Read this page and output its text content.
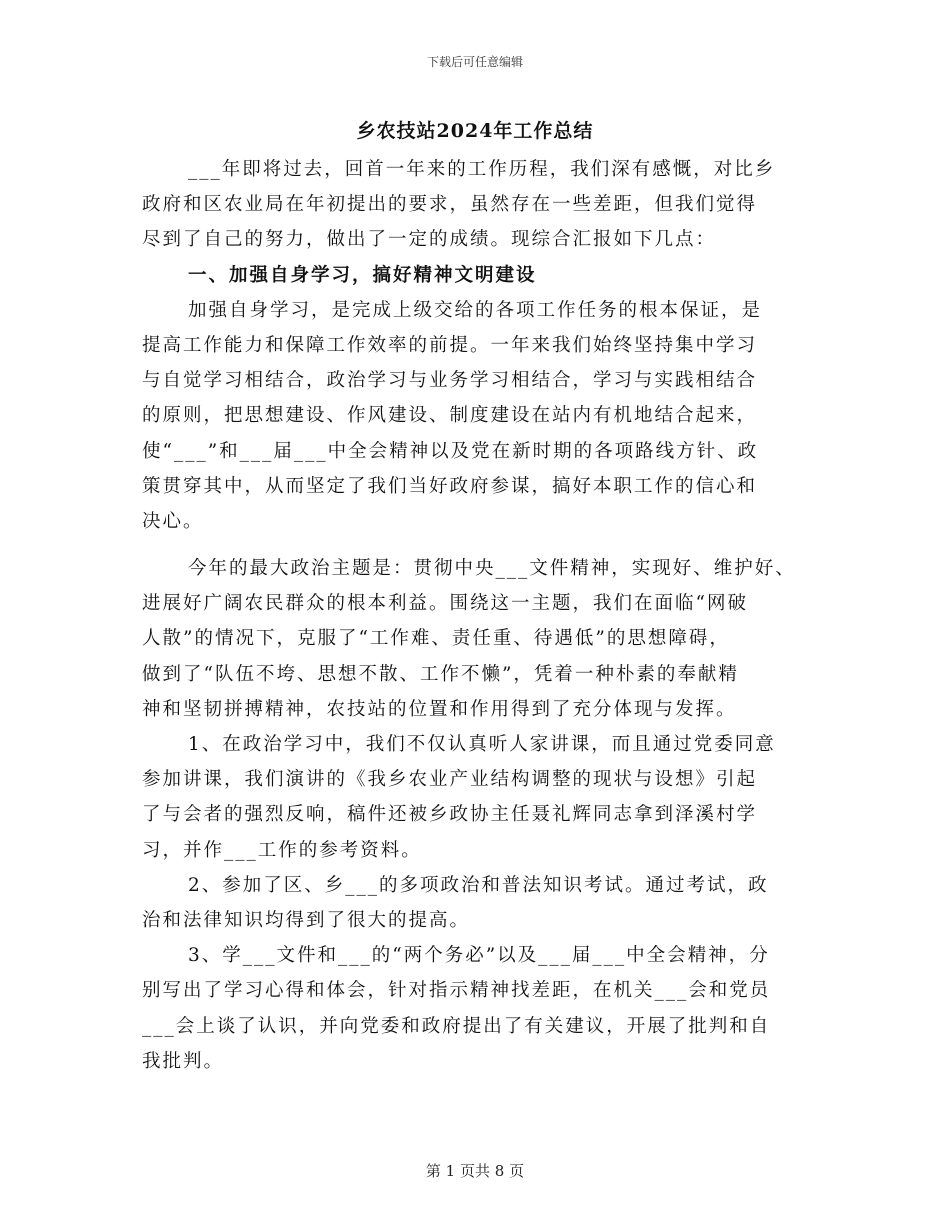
下载后可任意编辑
乡农技站2024年工作总结
___年即将过去，回首一年来的工作历程，我们深有感慨，对比乡
政府和区农业局在年初提出的要求，虽然存在一些差距，但我们觉得
尽到了自己的努力，做出了一定的成绩。现综合汇报如下几点：
一、加强自身学习，搞好精神文明建设
加强自身学习，是完成上级交给的各项工作任务的根本保证，是
提高工作能力和保障工作效率的前提。一年来我们始终坚持集中学习
与自觉学习相结合，政治学习与业务学习相结合，学习与实践相结合
的原则，把思想建设、作风建设、制度建设在站内有机地结合起来，
使“___”和___届___中全会精神以及党在新时期的各项路线方针、政
策贯穿其中，从而坚定了我们当好政府参谋，搞好本职工作的信心和
决心。
今年的最大政治主题是：贯彻中央___文件精神，实现好、维护好、
进展好广阔农民群众的根本利益。围绕这一主题，我们在面临“网破
人散”的情况下，克服了“工作难、责任重、待遇低”的思想障碍，
做到了“队伍不垮、思想不散、工作不懒”，凭着一种朴素的奉献精
神和坚韧拼搏精神，农技站的位置和作用得到了充分体现与发挥。
1、在政治学习中，我们不仅认真听人家讲课，而且通过党委同意
参加讲课，我们演讲的《我乡农业产业结构调整的现状与设想》引起
了与会者的强烈反响，稿件还被乡政协主任聂礼辉同志拿到泽溪村学
习，并作___工作的参考资料。
2、参加了区、乡___的多项政治和普法知识考试。通过考试，政
治和法律知识均得到了很大的提高。
3、学___文件和___的“两个务必”以及___届___中全会精神，分
别写出了学习心得和体会，针对指示精神找差距，在机关___会和党员
___会上谈了认识，并向党委和政府提出了有关建议，开展了批判和自
我批判。
第 1 页共 8 页
